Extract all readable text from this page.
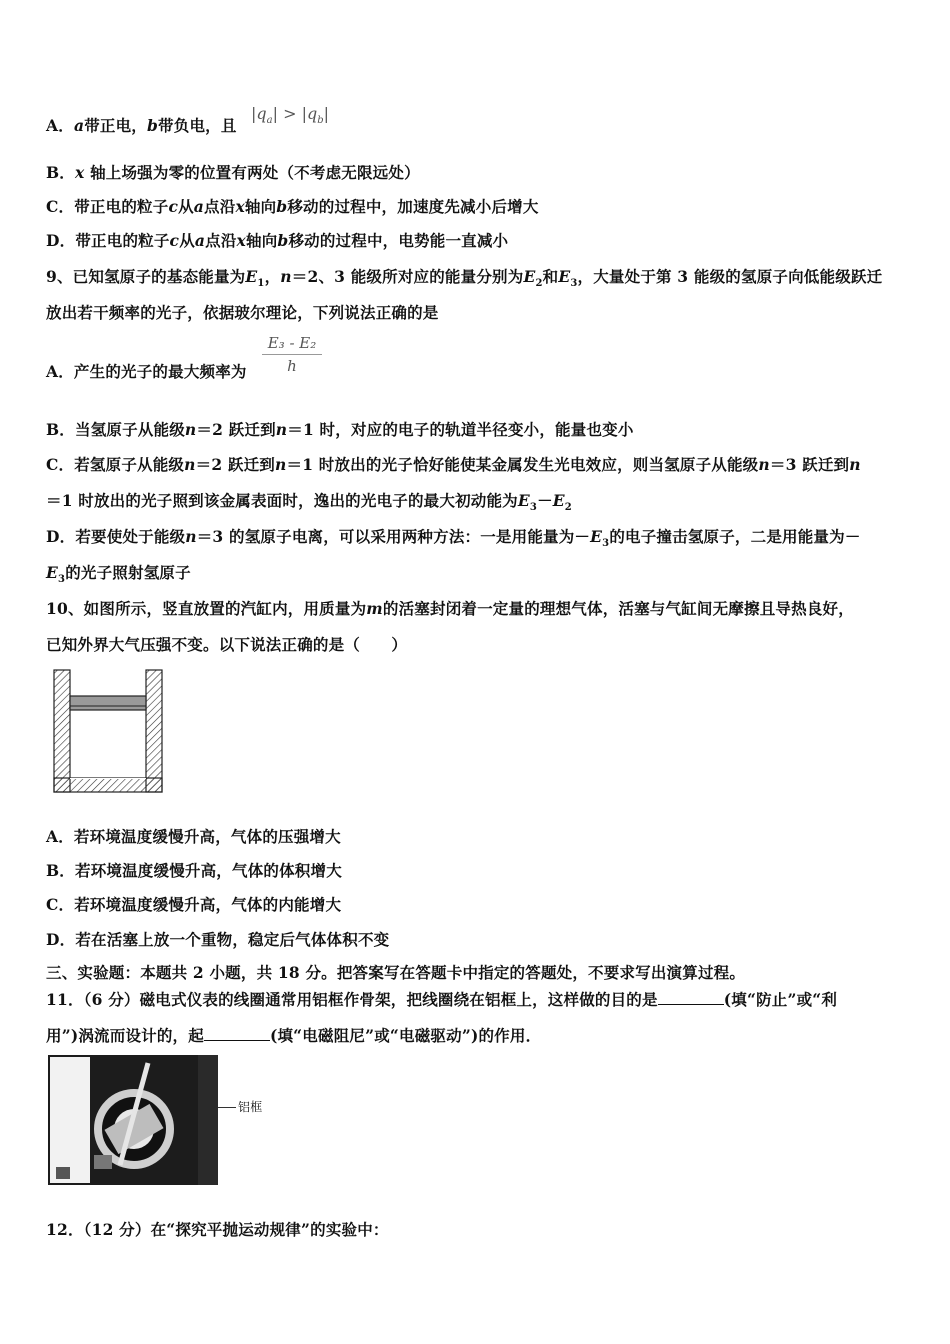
A．a带正电，b带负电，且
$|q_a| > |q_b|$
B．x 轴上场强为零的位置有两处（不考虑无限远处）
C．带正电的粒子c从a点沿x轴向b移动的过程中，加速度先减小后增大
D．带正电的粒子c从a点沿x轴向b移动的过程中，电势能一直减小
9、已知氢原子的基态能量为$E_1$，n＝2、3 能级所对应的能量分别为$E_2$和$E_3$，大量处于第 3 能级的氢原子向低能级跃迁
放出若干频率的光子，依据玻尔理论，下列说法正确的是
A．产生的光子的最大频率为
E₃ - E₂
h
B．当氢原子从能级n＝2 跃迁到n＝1 时，对应的电子的轨道半径变小，能量也变小
C．若氢原子从能级n＝2 跃迁到n＝1 时放出的光子恰好能使某金属发生光电效应，则当氢原子从能级n＝3 跃迁到n
＝1 时放出的光子照到该金属表面时，逸出的光电子的最大初动能为$E_3-E_2$
D．若要使处于能级n＝3 的氢原子电离，可以采用两种方法：一是用能量为$-E_3$的电子撞击氢原子，二是用能量为－
$E_3$的光子照射氢原子
10、如图所示，竖直放置的汽缸内，用质量为m的活塞封闭着一定量的理想气体，活塞与气缸间无摩擦且导热良好，
已知外界大气压强不变。以下说法正确的是（　　）
A．若环境温度缓慢升高，气体的压强增大
B．若环境温度缓慢升高，气体的体积增大
C．若环境温度缓慢升高，气体的内能增大
D．若在活塞上放一个重物，稳定后气体体积不变
三、实验题：本题共 2 小题，共 18 分。把答案写在答题卡中指定的答题处，不要求写出演算过程。
11．（6 分）磁电式仪表的线圈通常用铝框作骨架，把线圈绕在铝框上，这样做的目的是	(填“防止”或“利
用”)涡流而设计的，起	(填“电磁阻尼”或“电磁驱动”)的作用．
铝框
12．（12 分）在“探究平抛运动规律”的实验中：
